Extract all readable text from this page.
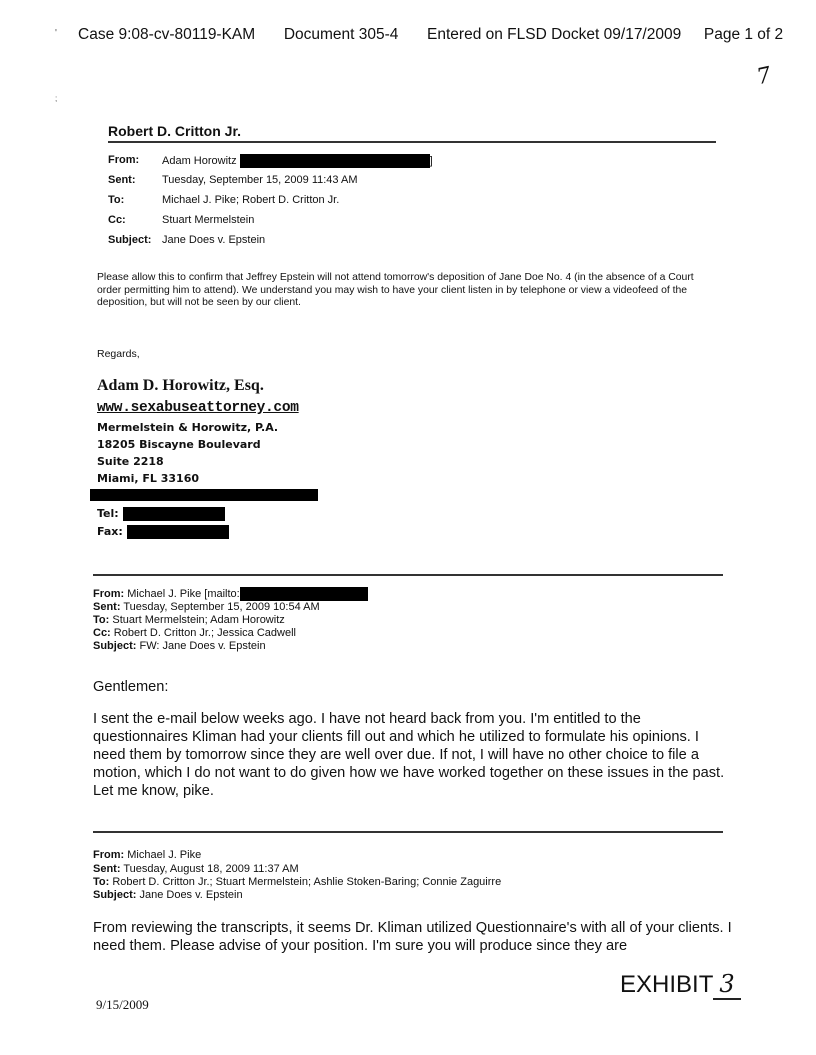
'
;
Case 9:08-cv-80119-KAM Document 305-4 Entered on FLSD Docket 09/17/2009 Page 1 of 2
7
Robert D. Critton Jr.
From:	Adam Horowitz ]
Sent:	Tuesday, September 15, 2009 11:43 AM
To:	Michael J. Pike; Robert D. Critton Jr.
Cc:	Stuart Mermelstein
Subject:	Jane Does v. Epstein
Please allow this to confirm that Jeffrey Epstein will not attend tomorrow's deposition of Jane Doe No. 4 (in the absence of a Court order permitting him to attend). We understand you may wish to have your client listen in by telephone or view a videofeed of the deposition, but will not be seen by our client.
Regards,
Adam D. Horowitz, Esq.
www.sexabuseattorney.com
Mermelstein & Horowitz, P.A.
18205 Biscayne Boulevard
Suite 2218
Miami, FL 33160
Tel:
Fax:
From: Michael J. Pike [mailto:
Sent: Tuesday, September 15, 2009 10:54 AM
To: Stuart Mermelstein; Adam Horowitz
Cc: Robert D. Critton Jr.; Jessica Cadwell
Subject: FW: Jane Does v. Epstein
Gentlemen:
I sent the e-mail below weeks ago. I have not heard back from you. I'm entitled to the questionnaires Kliman had your clients fill out and which he utilized to formulate his opinions. I need them by tomorrow since they are well over due. If not, I will have no other choice to file a motion, which I do not want to do given how we have worked together on these issues in the past. Let me know, pike.
From: Michael J. Pike
Sent: Tuesday, August 18, 2009 11:37 AM
To: Robert D. Critton Jr.; Stuart Mermelstein; Ashlie Stoken-Baring; Connie Zaguirre
Subject: Jane Does v. Epstein
From reviewing the transcripts, it seems Dr. Kliman utilized Questionnaire's with all of your clients. I need them. Please advise of your position. I'm sure you will produce since they are
EXHIBIT 3
9/15/2009
